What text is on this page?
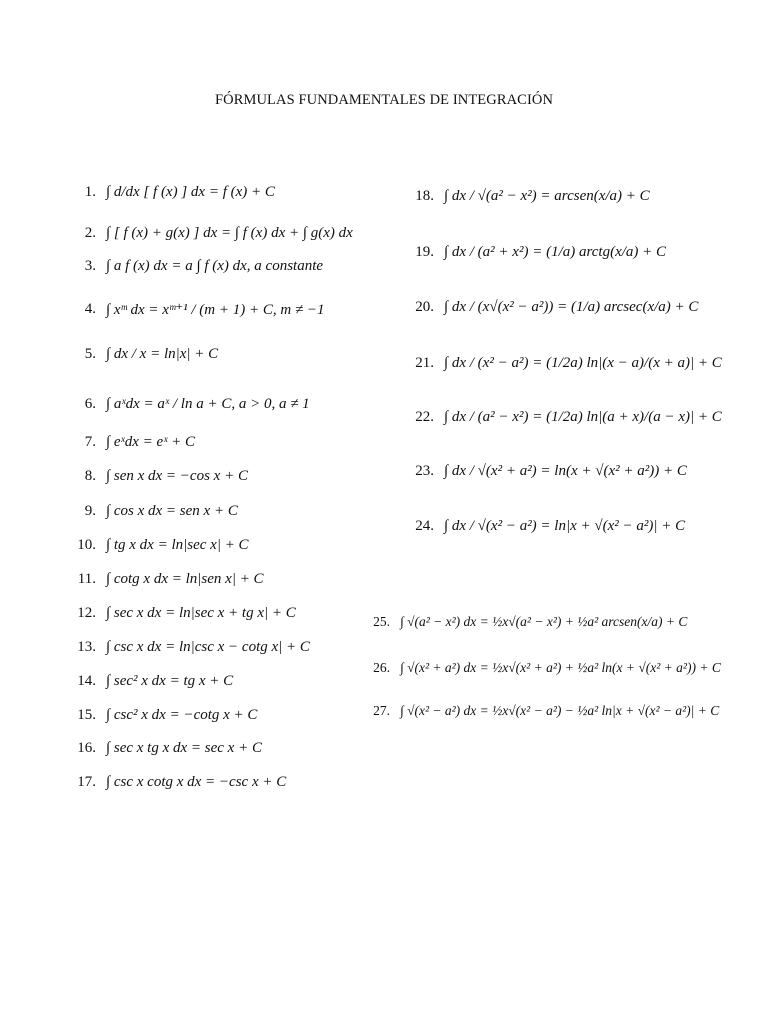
FÓRMULAS FUNDAMENTALES DE INTEGRACIÓN
1. ∫ d/dx [ f (x) ] dx = f (x) + C
2. ∫ [ f (x) + g(x) ] dx = ∫ f (x) dx + ∫ g(x) dx
3. ∫ a f (x) dx = a ∫ f (x) dx, a constante
4. ∫ xᵐ dx = xᵐ⁺¹ / (m + 1) + C, m ≠ −1
5. ∫ dx / x = ln|x| + C
6. ∫ aˣdx = aˣ / ln a + C, a > 0, a ≠ 1
7. ∫ eˣdx = eˣ + C
8. ∫ sen x dx = −cos x + C
9. ∫ cos x dx = sen x + C
10. ∫ tg x dx = ln|sec x| + C
11. ∫ cotg x dx = ln|sen x| + C
12. ∫ sec x dx = ln|sec x + tg x| + C
13. ∫ csc x dx = ln|csc x − cotg x| + C
14. ∫ sec² x dx = tg x + C
15. ∫ csc² x dx = −cotg x + C
16. ∫ sec x tg x dx = sec x + C
17. ∫ csc x cotg x dx = −csc x + C
18. ∫ dx / √(a² − x²) = arcsen(x/a) + C
19. ∫ dx / (a² + x²) = (1/a) arctg(x/a) + C
20. ∫ dx / (x√(x² − a²)) = (1/a) arcsec(x/a) + C
21. ∫ dx / (x² − a²) = (1/2a) ln|(x − a)/(x + a)| + C
22. ∫ dx / (a² − x²) = (1/2a) ln|(a + x)/(a − x)| + C
23. ∫ dx / √(x² + a²) = ln(x + √(x² + a²)) + C
24. ∫ dx / √(x² − a²) = ln|x + √(x² − a²)| + C
25. ∫ √(a² − x²) dx = ½x√(a² − x²) + ½a² arcsen(x/a) + C
26. ∫ √(x² + a²) dx = ½x√(x² + a²) + ½a² ln(x + √(x² + a²)) + C
27. ∫ √(x² − a²) dx = ½x√(x² − a²) − ½a² ln|x + √(x² − a²)| + C
